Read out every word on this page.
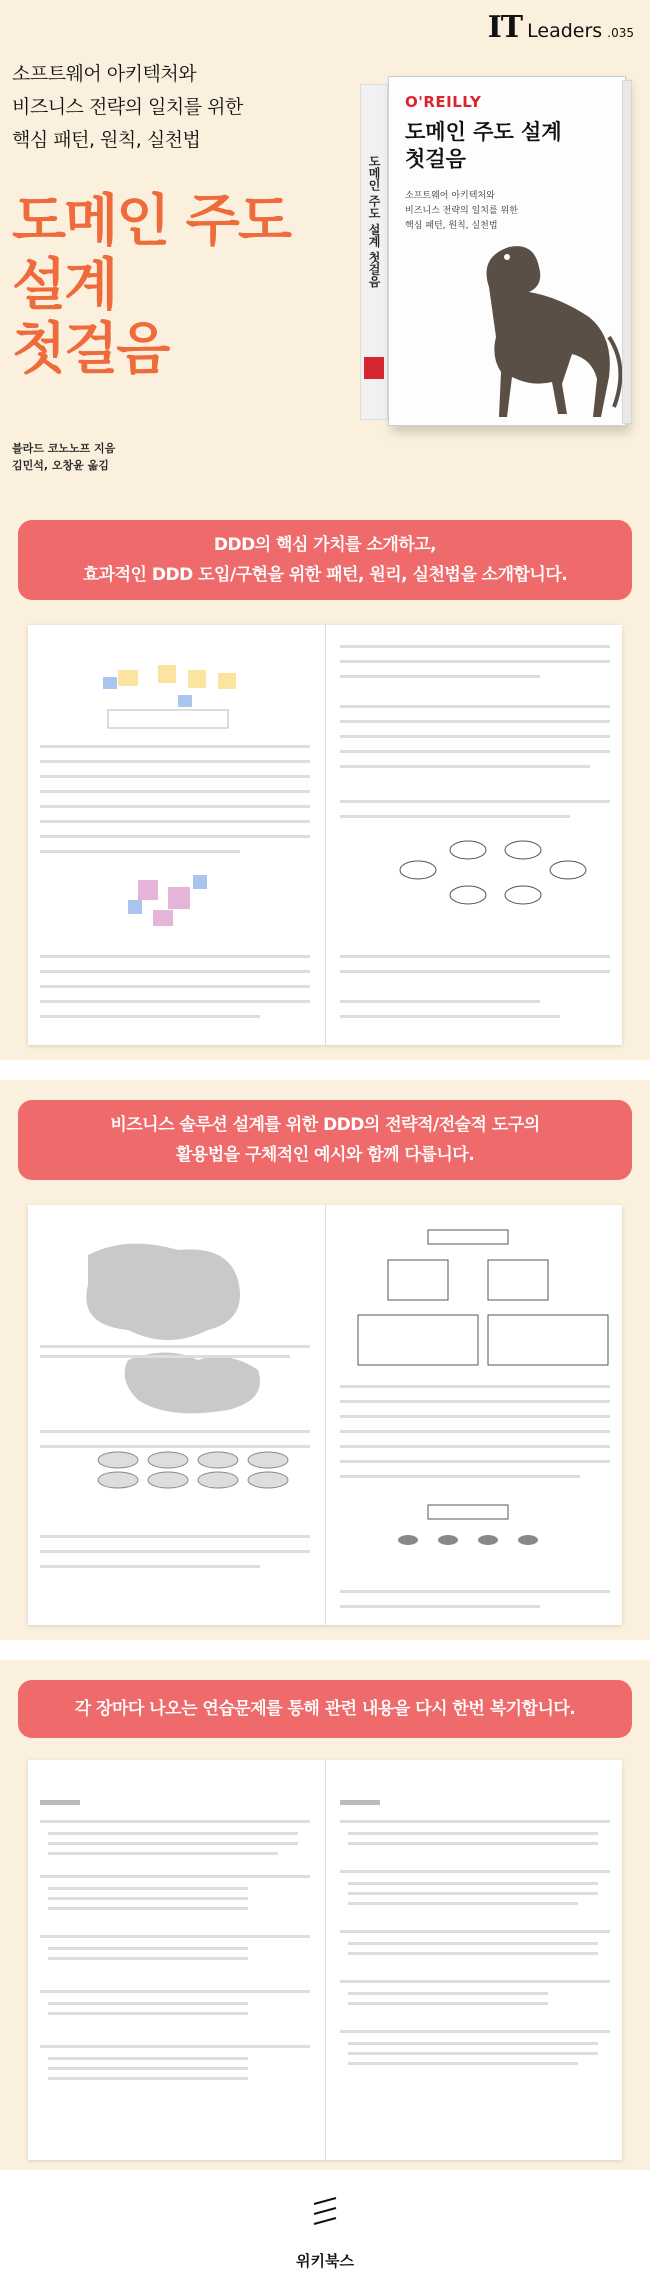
IT Leaders .035
소프트웨어 아키텍처와
비즈니스 전략의 일치를 위한
핵심 패턴, 원칙, 실천법
도메인 주도
설계
첫걸음
블라드 코노노프 지음
김민석, 오창윤 옮김
도메인 주도 설계 첫걸음
O'REILLY
도메인 주도 설계
첫걸음
소프트웨어 아키텍처와
비즈니스 전략의 일치를 위한
핵심 패턴, 원칙, 실천법
DDD의 핵심 가치를 소개하고,
효과적인 DDD 도입/구현을 위한 패턴, 원리, 실천법을 소개합니다.
비즈니스 솔루션 설계를 위한 DDD의 전략적/전술적 도구의
활용법을 구체적인 예시와 함께 다룹니다.
각 장마다 나오는 연습문제를 통해 관련 내용을 다시 한번 복기합니다.
위키북스
